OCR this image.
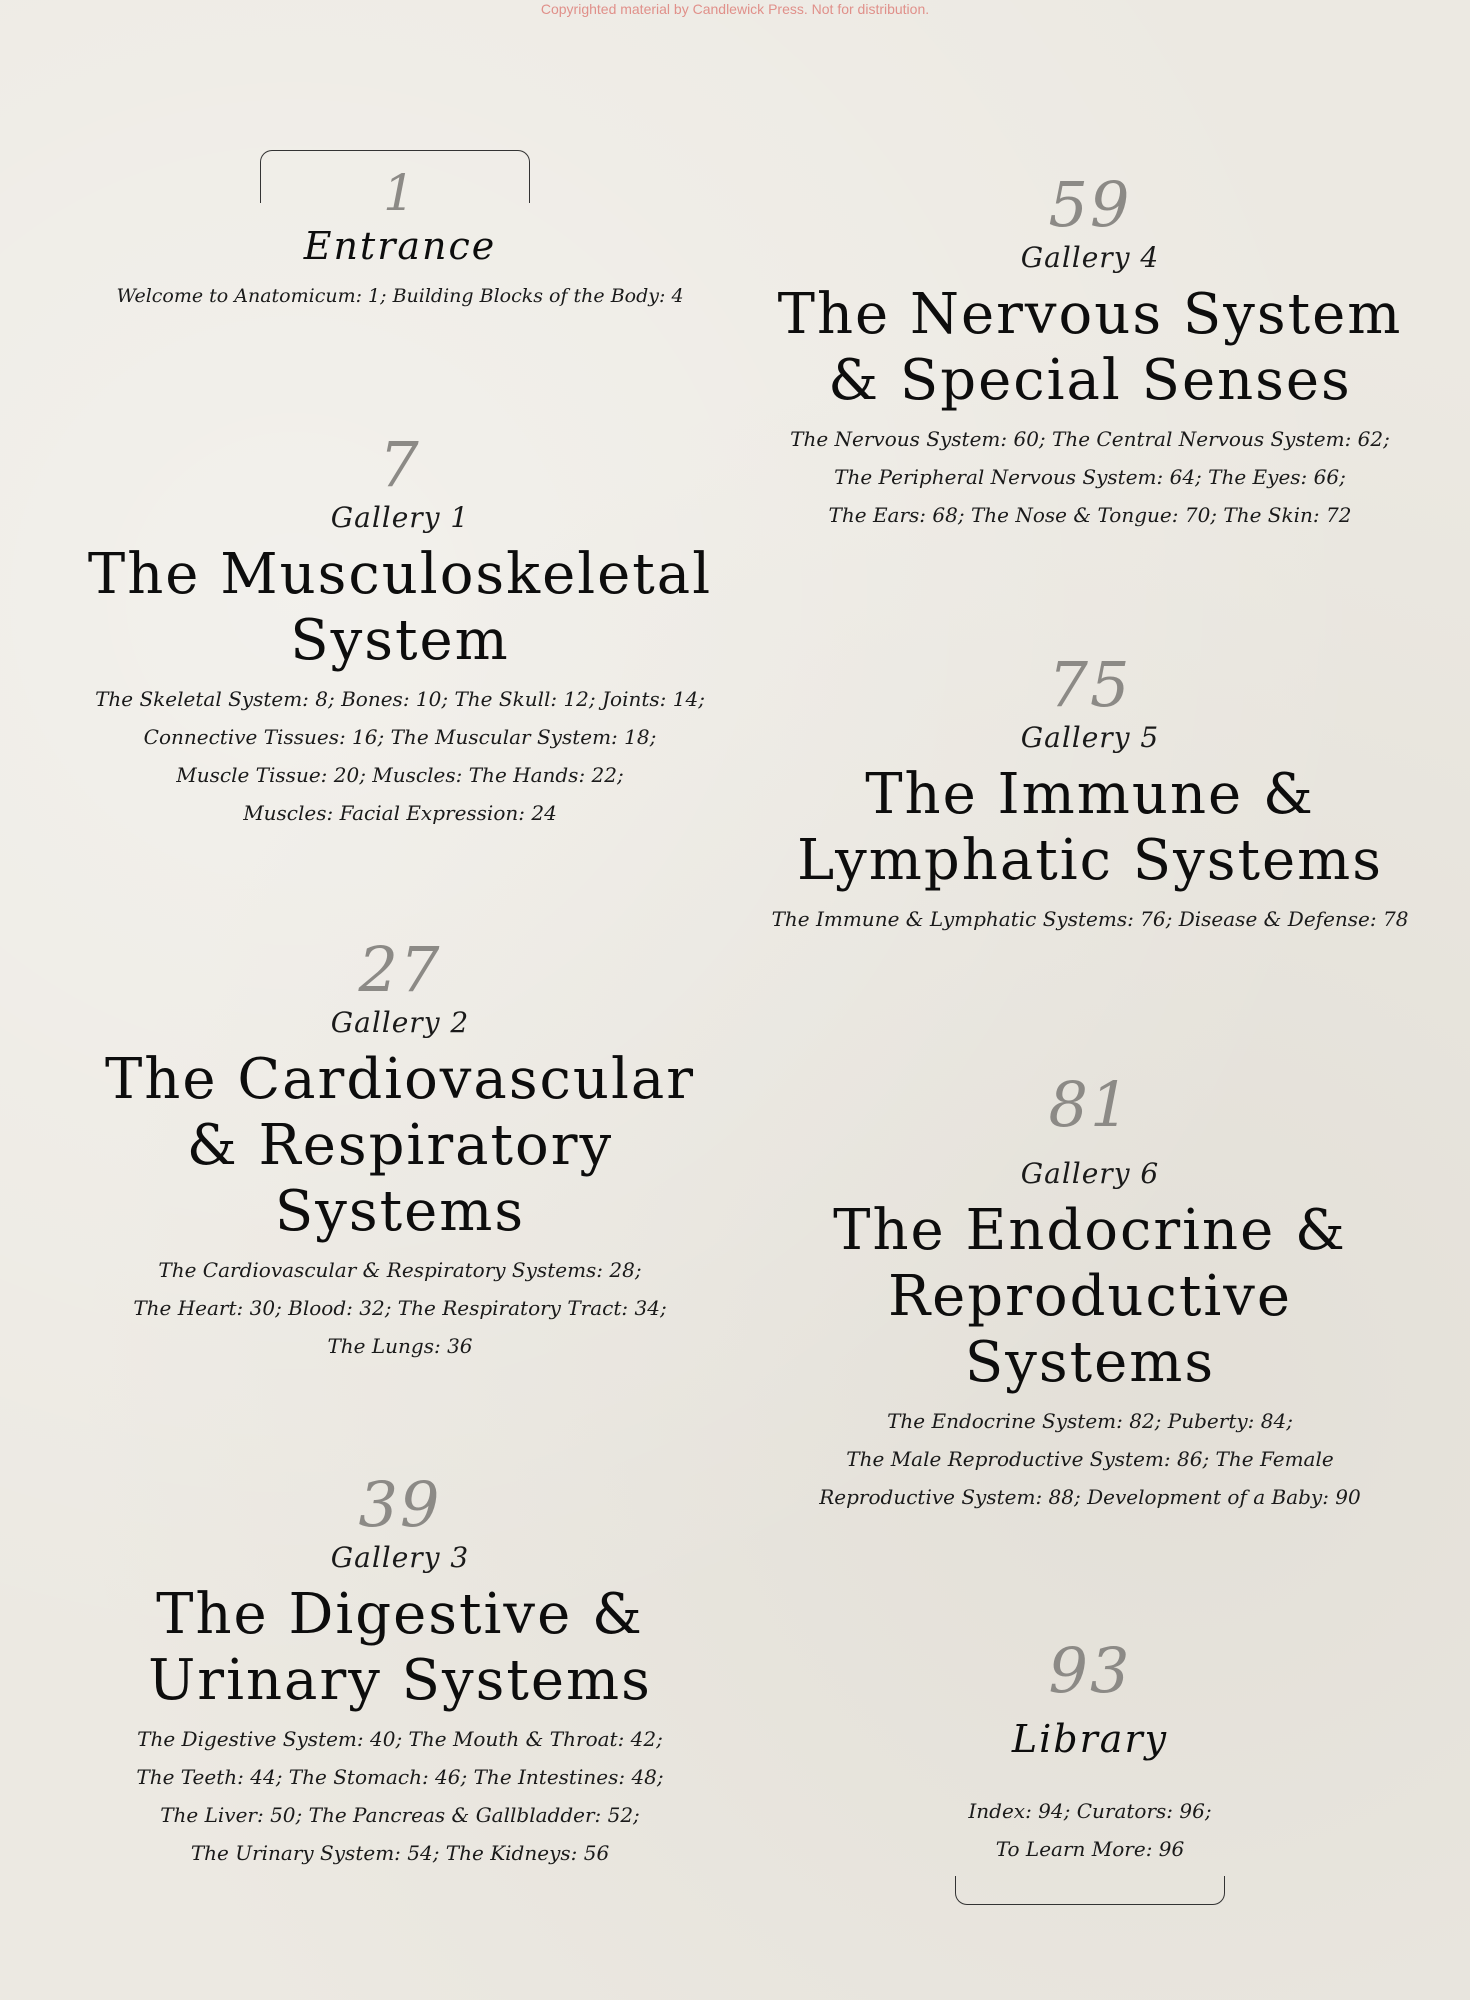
Copyrighted material by Candlewick Press. Not for distribution.
1
Entrance
Welcome to Anatomicum: 1; Building Blocks of the Body: 4
7
Gallery 1
The Musculoskeletal
System
The Skeletal System: 8; Bones: 10; The Skull: 12; Joints: 14;
Connective Tissues: 16; The Muscular System: 18;
Muscle Tissue: 20; Muscles: The Hands: 22;
Muscles: Facial Expression: 24
27
Gallery 2
The Cardiovascular
& Respiratory
Systems
The Cardiovascular & Respiratory Systems: 28;
The Heart: 30; Blood: 32; The Respiratory Tract: 34;
The Lungs: 36
39
Gallery 3
The Digestive &
Urinary Systems
The Digestive System: 40; The Mouth & Throat: 42;
The Teeth: 44; The Stomach: 46; The Intestines: 48;
The Liver: 50; The Pancreas & Gallbladder: 52;
The Urinary System: 54; The Kidneys: 56
59
Gallery 4
The Nervous System
& Special Senses
The Nervous System: 60; The Central Nervous System: 62;
The Peripheral Nervous System: 64; The Eyes: 66;
The Ears: 68; The Nose & Tongue: 70; The Skin: 72
75
Gallery 5
The Immune &
Lymphatic Systems
The Immune & Lymphatic Systems: 76; Disease & Defense: 78
81
Gallery 6
The Endocrine &
Reproductive
Systems
The Endocrine System: 82; Puberty: 84;
The Male Reproductive System: 86; The Female
Reproductive System: 88; Development of a Baby: 90
93
Library
Index: 94; Curators: 96;
To Learn More: 96
